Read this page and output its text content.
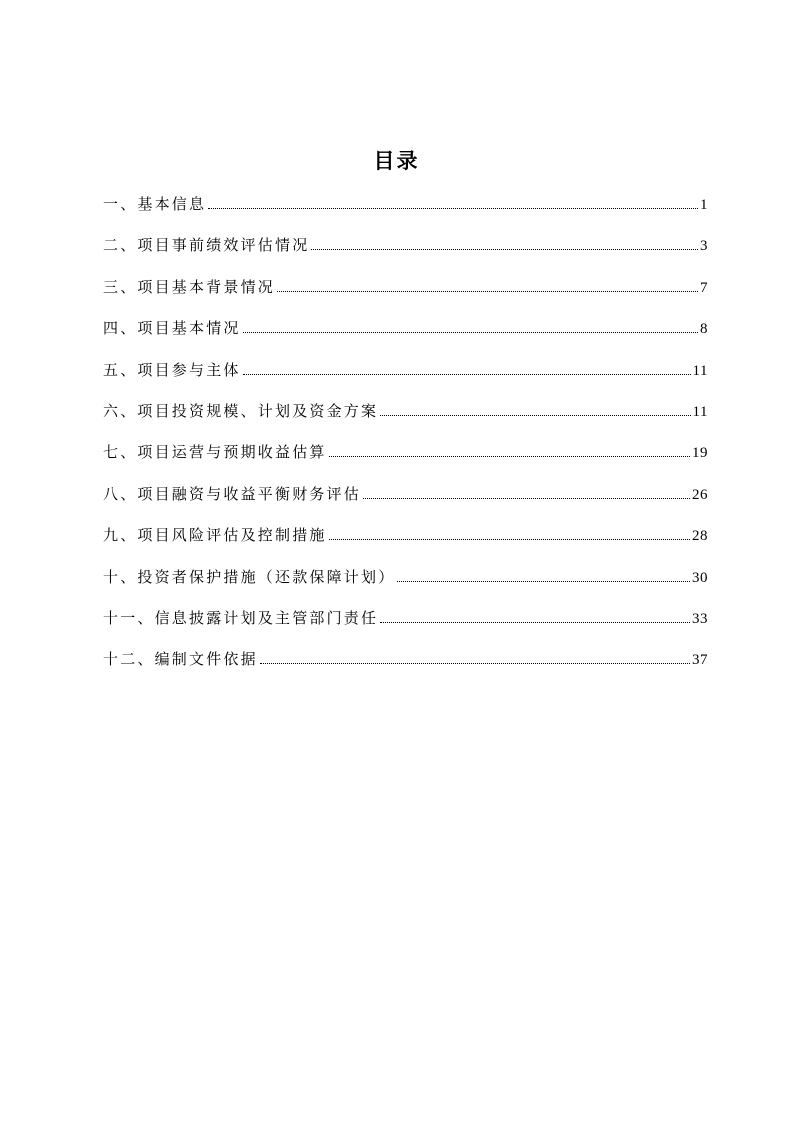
目录
一、基本信息	1
二、项目事前绩效评估情况	3
三、项目基本背景情况	7
四、项目基本情况	8
五、项目参与主体	11
六、项目投资规模、计划及资金方案	11
七、项目运营与预期收益估算	19
八、项目融资与收益平衡财务评估	26
九、项目风险评估及控制措施	28
十、投资者保护措施（还款保障计划）	30
十一、信息披露计划及主管部门责任	33
十二、编制文件依据	37
